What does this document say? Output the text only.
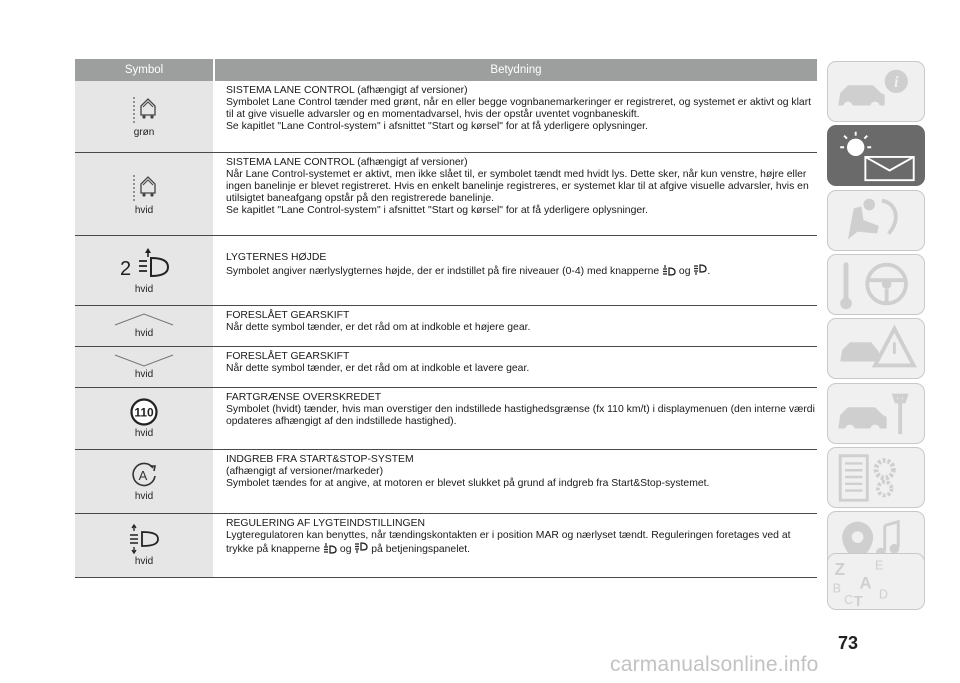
Symbol	Betydning
grøn

SISTEMA LANE CONTROL (afhængigt af versioner)

Symbolet Lane Control tænder med grønt, når en eller begge vognbanemarkeringer er registreret, og systemet er aktivt og klart til at give visuelle advarsler og en momentadvarsel, hvis der opstår uventet vognbaneskift.

Se kapitlet "Lane Control-system" i afsnittet "Start og kørsel" for at få yderligere oplysninger.

hvid

SISTEMA LANE CONTROL (afhængigt af versioner)

Når Lane Control-systemet er aktivt, men ikke slået til, er symbolet tændt med hvidt lys. Dette sker, når kun venstre, højre eller ingen banelinje er blevet registreret. Hvis en enkelt banelinje registreres, er systemet klar til at afgive visuelle advarsler, hvis en utilsigtet baneafgang opstår på den registrerede banelinje.

Se kapitlet "Lane Control-system" i afsnittet "Start og kørsel" for at få yderligere oplysninger.

2
hvid

LYGTERNES HØJDE

Symbolet angiver nærlyslygternes højde, der er indstillet på fire niveauer (0-4) med knapperne  og .

hvid

FORESLÅET GEARSKIFT

Når dette symbol tænder, er det råd om at indkoble et højere gear.

hvid

FORESLÅET GEARSKIFT

Når dette symbol tænder, er det råd om at indkoble et lavere gear.

110
hvid

FARTGRÆNSE OVERSKREDET

Symbolet (hvidt) tænder, hvis man overstiger den indstillede hastighedsgrænse (fx 110 km/t) i displaymenuen (den interne værdi opdateres afhængigt af den indstillede hastighed).

A
hvid

INDGREB FRA START&STOP-SYSTEM

(afhængigt af versioner/markeder)

Symbolet tændes for at angive, at motoren er blevet slukket på grund af indgreb fra Start&Stop-systemet.

hvid

REGULERING AF LYGTEINDSTILLINGEN

Lygteregulatoren kan benyttes, når tændingskontakten er i position MAR og nærlyset tændt. Reguleringen foretages ved at trykke på knapperne  og  på betjeningspanelet.

i
Z E
A
B
C T D
73
carmanualsonline.info
